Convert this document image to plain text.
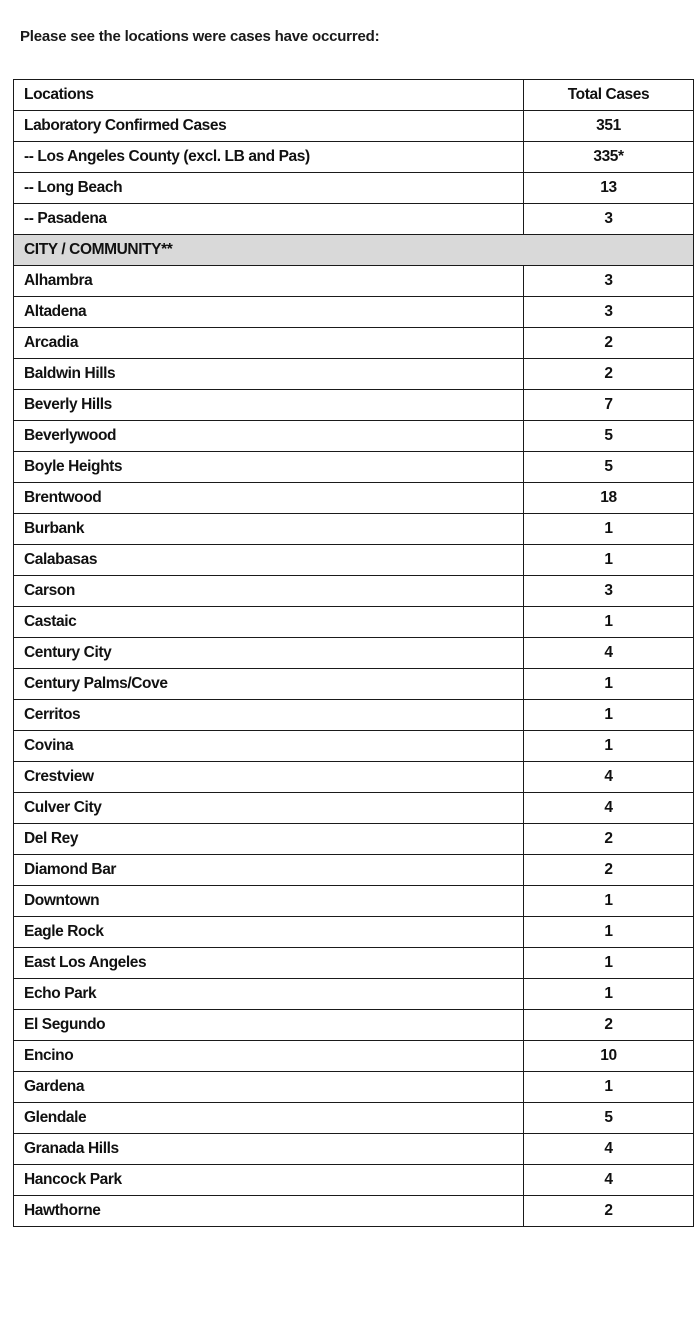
Please see the locations were cases have occurred:
Locations	Total Cases
Laboratory Confirmed Cases	351
-- Los Angeles County (excl. LB and Pas)	335*
-- Long Beach	13
-- Pasadena	3
CITY / COMMUNITY**	
Alhambra	3
Altadena	3
Arcadia	2
Baldwin Hills	2
Beverly Hills	7
Beverlywood	5
Boyle Heights	5
Brentwood	18
Burbank	1
Calabasas	1
Carson	3
Castaic	1
Century City	4
Century Palms/Cove	1
Cerritos	1
Covina	1
Crestview	4
Culver City	4
Del Rey	2
Diamond Bar	2
Downtown	1
Eagle Rock	1
East Los Angeles	1
Echo Park	1
El Segundo	2
Encino	10
Gardena	1
Glendale	5
Granada Hills	4
Hancock Park	4
Hawthorne	2
